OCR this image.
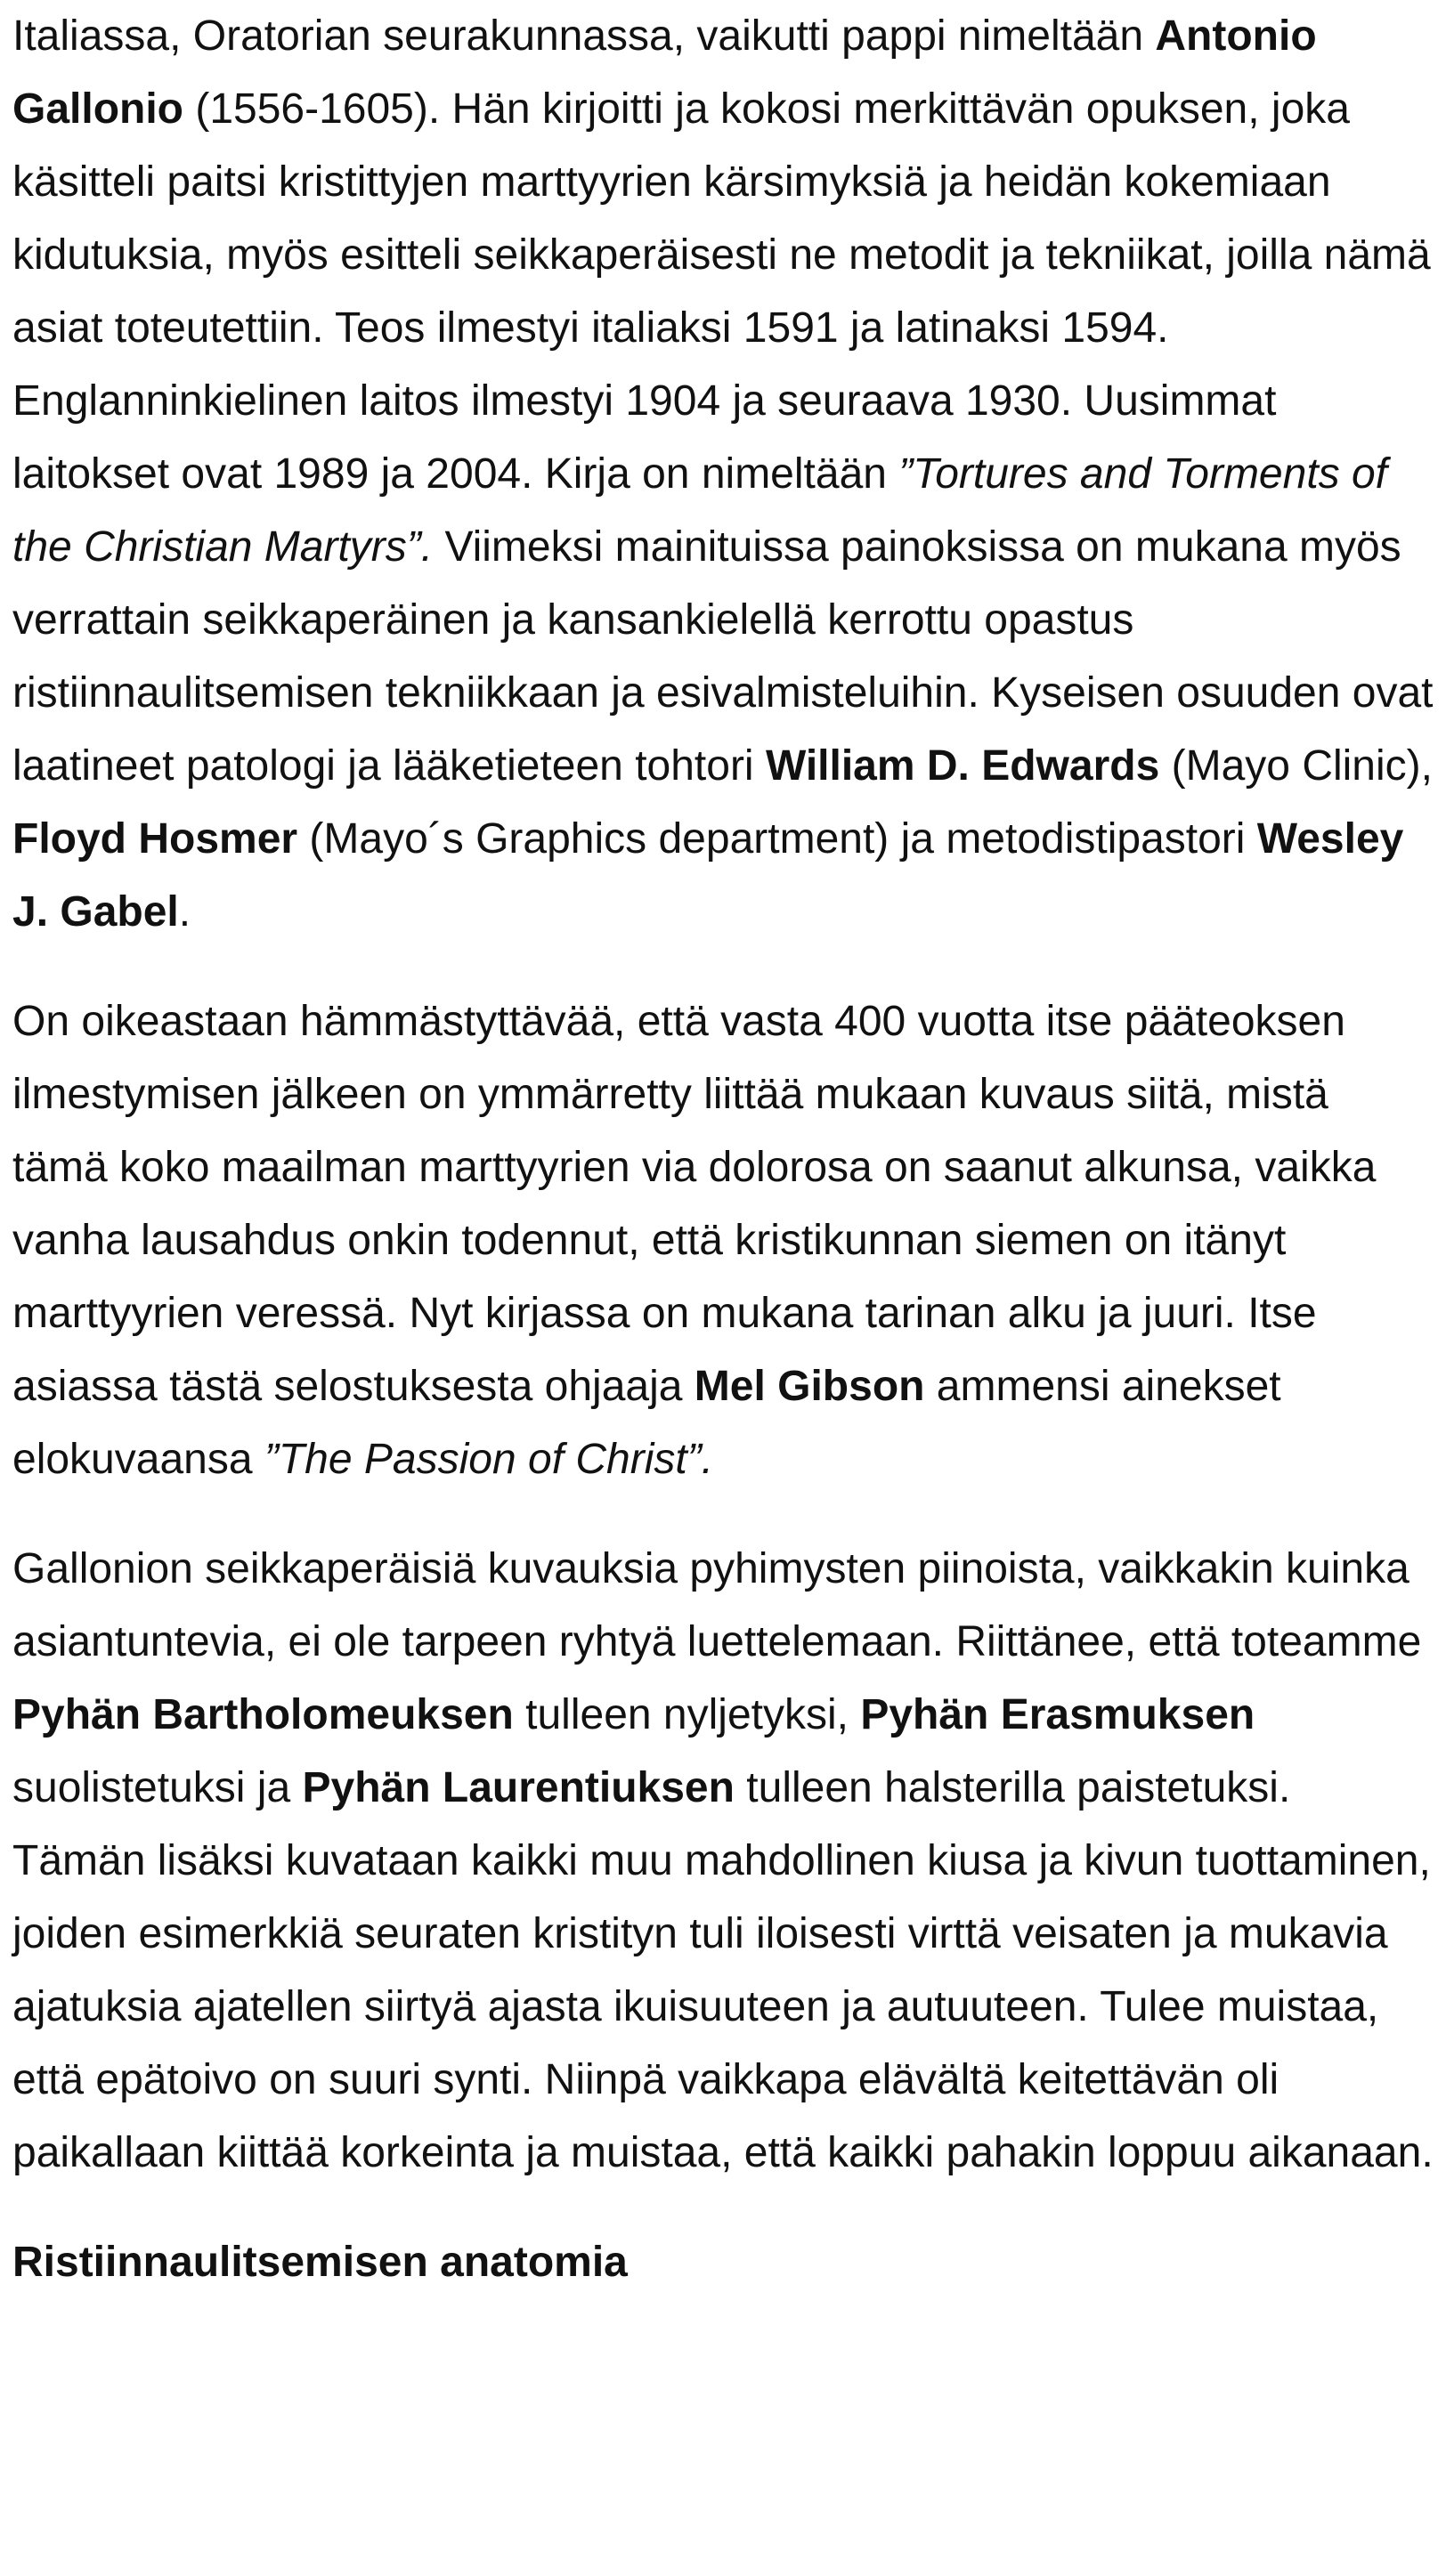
Italiassa, Oratorian seurakunnassa, vaikutti pappi nimeltään Antonio Gallonio (1556-1605). Hän kirjoitti ja kokosi merkittävän opuksen, joka käsitteli paitsi kristittyjen marttyyrien kärsimyksiä ja heidän kokemiaan kidutuksia, myös esitteli seikkaperäisesti ne metodit ja tekniikat, joilla nämä asiat toteutettiin. Teos ilmestyi italiaksi 1591 ja latinaksi 1594. Englanninkielinen laitos ilmestyi 1904 ja seuraava 1930. Uusimmat laitokset ovat 1989 ja 2004. Kirja on nimeltään ”Tortures and Torments of the Christian Martyrs”. Viimeksi mainituissa painoksissa on mukana myös verrattain seikkaperäinen ja kansankielellä kerrottu opastus ristiinnaulitsemisen tekniikkaan ja esivalmisteluihin. Kyseisen osuuden ovat laatineet patologi ja lääketieteen tohtori William D. Edwards (Mayo Clinic), Floyd Hosmer (Mayo´s Graphics department) ja metodistipastori Wesley J. Gabel.

On oikeastaan hämmästyttävää, että vasta 400 vuotta itse pääteoksen ilmestymisen jälkeen on ymmärretty liittää mukaan kuvaus siitä, mistä tämä koko maailman marttyyrien via dolorosa on saanut alkunsa, vaikka vanha lausahdus onkin todennut, että kristikunnan siemen on itänyt marttyyrien veressä. Nyt kirjassa on mukana tarinan alku ja juuri. Itse asiassa tästä selostuksesta ohjaaja Mel Gibson ammensi ainekset elokuvaansa ”The Passion of Christ”.

Gallonion seikkaperäisiä kuvauksia pyhimysten piinoista, vaikkakin kuinka asiantuntevia, ei ole tarpeen ryhtyä luettelemaan. Riittänee, että toteamme Pyhän Bartholomeuksen tulleen nyljetyksi, Pyhän Erasmuksen suolistetuksi ja Pyhän Laurentiuksen tulleen halsterilla paistetuksi. Tämän lisäksi kuvataan kaikki muu mahdollinen kiusa ja kivun tuottaminen, joiden esimerkkiä seuraten kristityn tuli iloisesti virttä veisaten ja mukavia ajatuksia ajatellen siirtyä ajasta ikuisuuteen ja autuuteen. Tulee muistaa, että epätoivo on suuri synti. Niinpä vaikkapa elävältä keitettävän oli paikallaan kiittää korkeinta ja muistaa, että kaikki pahakin loppuu aikanaan.

Ristiinnaulitsemisen anatomia
